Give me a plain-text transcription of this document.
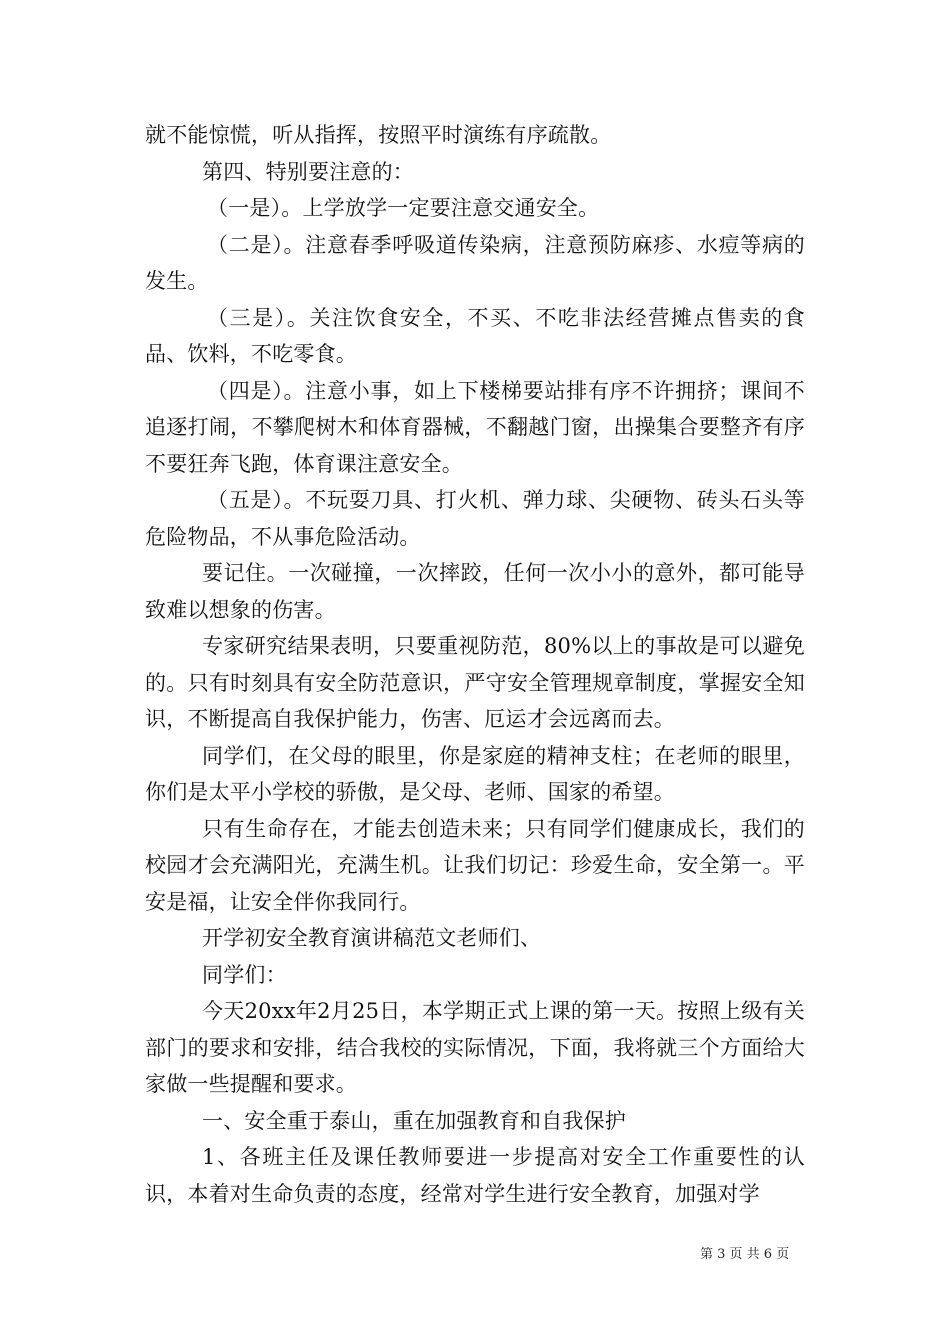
就不能惊慌，听从指挥，按照平时演练有序疏散。

第四、特别要注意的：

（一是）。上学放学一定要注意交通安全。

（二是）。注意春季呼吸道传染病，注意预防麻疹、水痘等病的发生。

（三是）。关注饮食安全，不买、不吃非法经营摊点售卖的食品、饮料，不吃零食。

（四是）。注意小事，如上下楼梯要站排有序不许拥挤；课间不追逐打闹，不攀爬树木和体育器械，不翻越门窗，出操集合要整齐有序不要狂奔飞跑，体育课注意安全。

（五是）。不玩耍刀具、打火机、弹力球、尖硬物、砖头石头等危险物品，不从事危险活动。

要记住。一次碰撞，一次摔跤，任何一次小小的意外，都可能导致难以想象的伤害。

专家研究结果表明，只要重视防范，80%以上的事故是可以避免的。只有时刻具有安全防范意识，严守安全管理规章制度，掌握安全知识，不断提高自我保护能力，伤害、厄运才会远离而去。

同学们，在父母的眼里，你是家庭的精神支柱；在老师的眼里，你们是太平小学校的骄傲，是父母、老师、国家的希望。

只有生命存在，才能去创造未来；只有同学们健康成长，我们的校园才会充满阳光，充满生机。让我们切记：珍爱生命，安全第一。平安是福，让安全伴你我同行。

开学初安全教育演讲稿范文老师们、

同学们：

今天20xx年2月25日，本学期正式上课的第一天。按照上级有关部门的要求和安排，结合我校的实际情况，下面，我将就三个方面给大家做一些提醒和要求。

一、安全重于泰山，重在加强教育和自我保护

1、各班主任及课任教师要进一步提高对安全工作重要性的认识，本着对生命负责的态度，经常对学生进行安全教育，加强对学

第 3 页 共 6 页
